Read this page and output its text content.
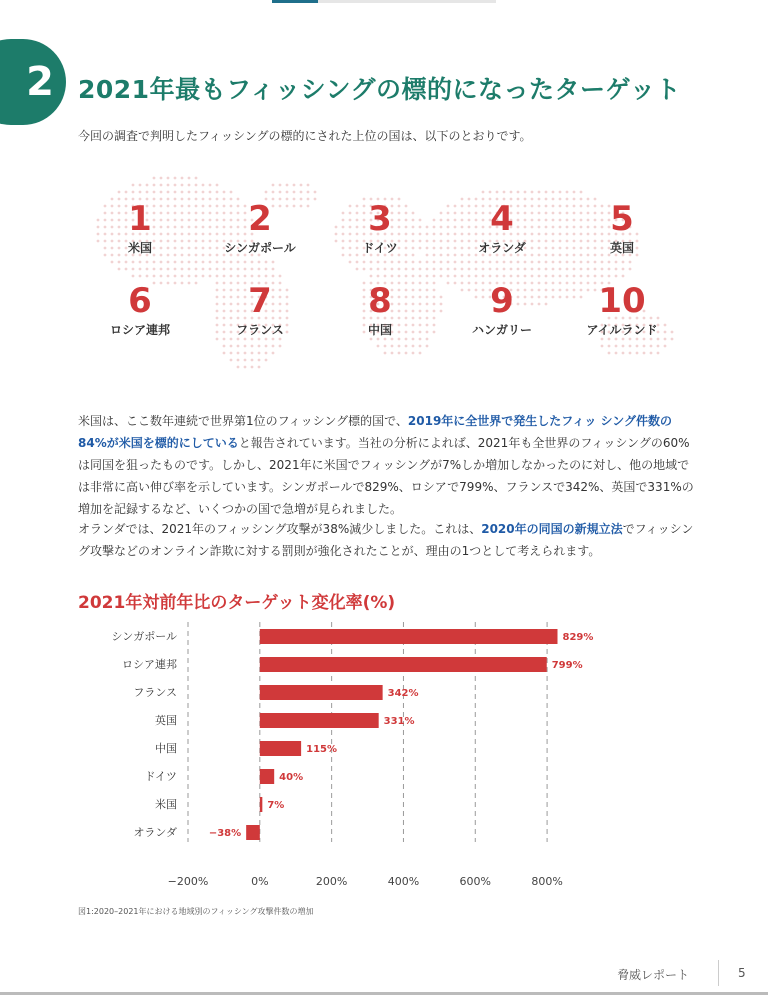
2 2021年最もフィッシングの標的になったターゲット
今回の調査で判明したフィッシングの標的にされた上位の国は、以下のとおりです。
1
米国
2
シンガポール
3
ドイツ
4
オランダ
5
英国
6
ロシア連邦
7
フランス
8
中国
9
ハンガリー
10
アイルランド
米国は、ここ数年連続で世界第1位のフィッシング標的国で、2019年に全世界で発生したフィッ シング件数の84%が米国を標的にしていると報告されています。当社の分析によれば、2021年も全世界のフィッシングの60%は同国を狙ったものです。しかし、2021年に米国でフィッシングが7%しか増加しなかったのに対し、他の地域では非常に高い伸び率を示しています。シンガポールで829%、ロシアで799%、フランスで342%、英国で331%の増加を記録するなど、いくつかの国で急増が見られました。
オランダでは、2021年のフィッシング攻撃が38%減少しました。これは、2020年の同国の新規立法でフィッシング攻撃などのオンライン詐欺に対する罰則が強化されたことが、理由の1つとして考えられます。
2021年対前年比のターゲット変化率(%)
−200%	0%	200%	400%	600%	800%
シンガポール	829%
ロシア連邦	799%
フランス	342%
英国	331%
中国	115%
ドイツ	40%
米国	7%
オランダ	−38%
図1:2020–2021年における地域別のフィッシング攻撃件数の増加
脅威レポート	5
